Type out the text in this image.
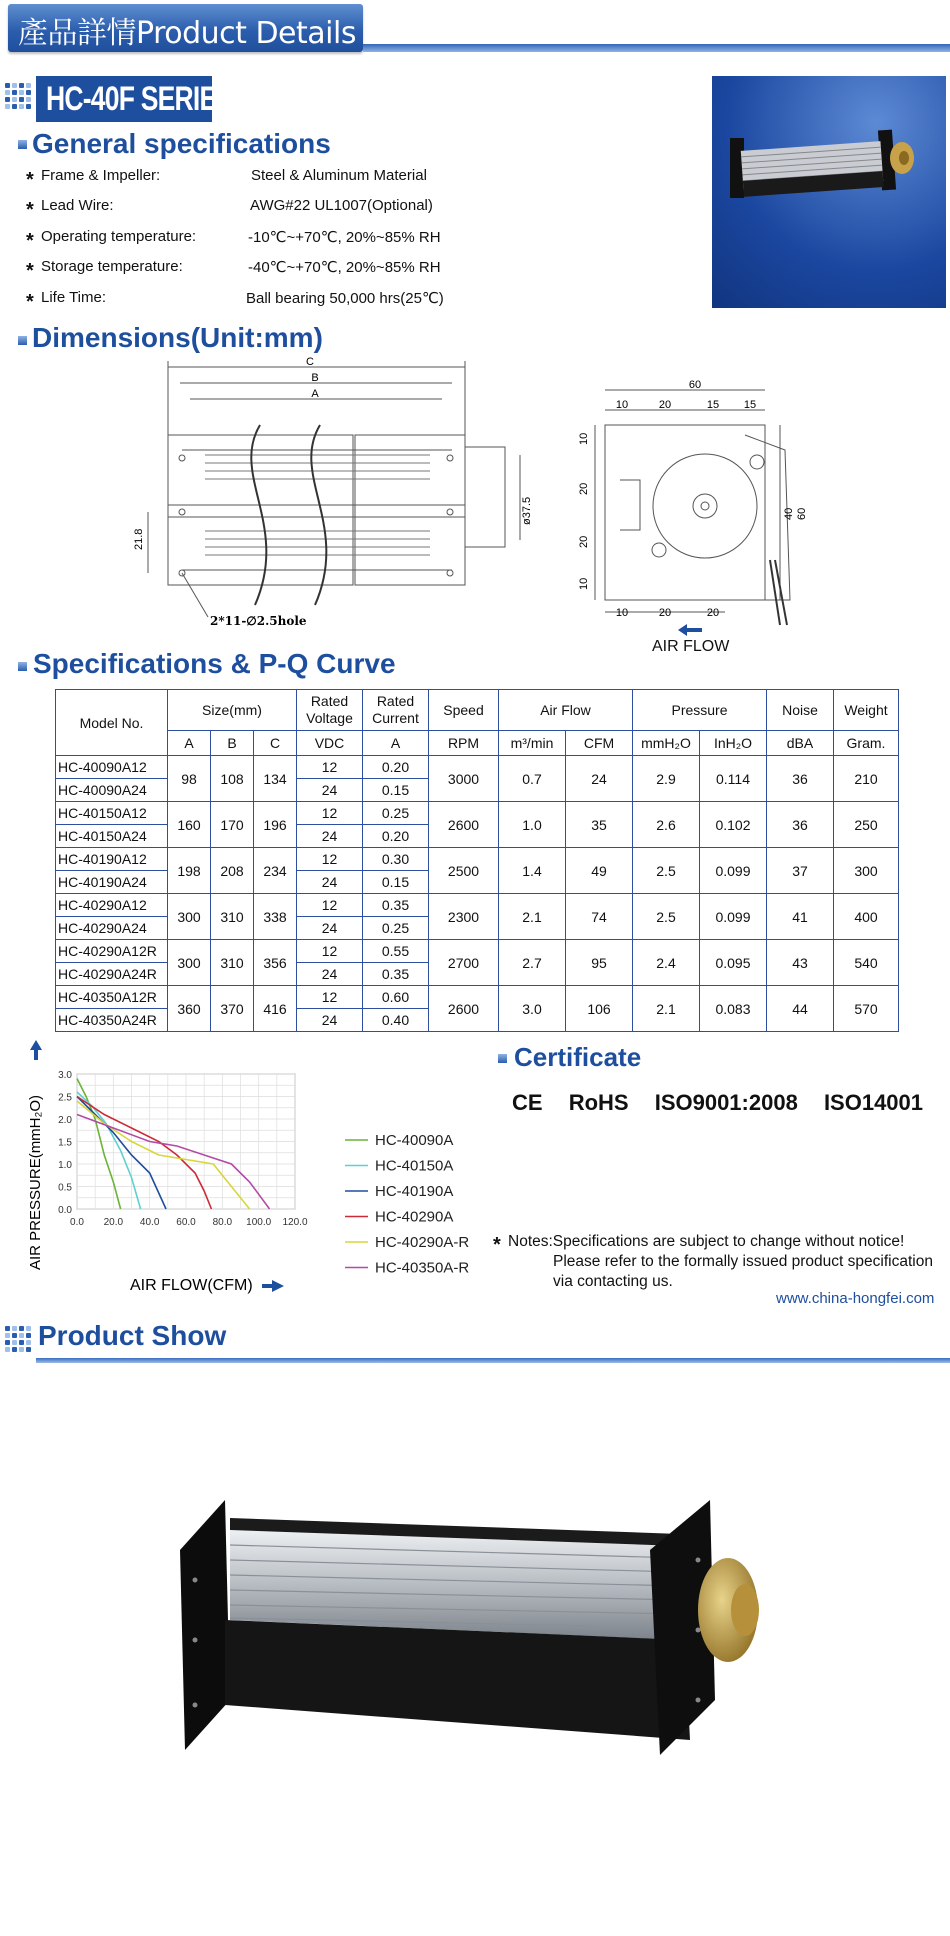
產品詳情Product Details
HC-40F SERIES
General specifications
* Frame & Impeller:	Steel & Aluminum Material
* Lead Wire:	AWG#22 UL1007(Optional)
* Operating temperature:	-10℃~+70℃, 20%~85% RH
* Storage temperature:	-40℃~+70℃, 20%~85% RH
* Life Time:	Ball bearing 50,000 hrs(25℃)
Dimensions(Unit:mm)
C
B
A
21.8
ø37.5
2*11-∅2.5hole
60
10	20	15 15
10
20
20
10
40 60
10	20	20
AIR FLOW
Specifications & P-Q Curve
Model No.	Size(mm)			Rated Voltage	Rated Current	Speed	Air Flow		Pressure		Noise	Weight
	A	B	C	VDC	A	RPM	m³/min	CFM	mmH₂O	InH₂O	dBA	Gram.
HC-40090A12	98	108	134	12	0.20	3000	0.7	24	2.9	0.114	36	210
HC-40090A24				24	0.15							
HC-40150A12	160	170	196	12	0.25	2600	1.0	35	2.6	0.102	36	250
HC-40150A24				24	0.20							
HC-40190A12	198	208	234	12	0.30	2500	1.4	49	2.5	0.099	37	300
HC-40190A24				24	0.15							
HC-40290A12	300	310	338	12	0.35	2300	2.1	74	2.5	0.099	41	400
HC-40290A24				24	0.25							
HC-40290A12R	300	310	356	12	0.55	2700	2.7	95	2.4	0.095	43	540
HC-40290A24R				24	0.35							
HC-40350A12R	360	370	416	12	0.60	2600	3.0	106	2.1	0.083	44	570
HC-40350A24R				24	0.40							
0.0 20.0 40.0 60.0 80.0 100.0 120.0
0.0
0.5
1.0
1.5
2.0
2.5
3.0
HC-40090A
HC-40150A
HC-40190A
HC-40290A
HC-40290A-R
HC-40350A-R
AIR PRESSURE(mmH₂O)
AIR FLOW(CFM)
Certificate
CE RoHS ISO9001:2008 ISO14001
* Notes:Specifications are subject to change without notice!
Please refer to the formally issued product specification
via contacting us.
www.china-hongfei.com
Product Show
